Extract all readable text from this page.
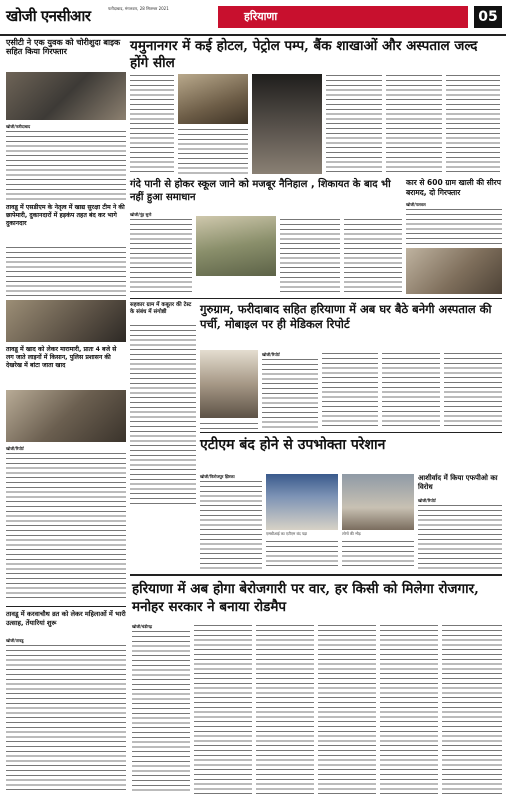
खोजी एनसीआर	फरीदाबाद, मंगलवार, 28 सितम्बर 2021
हरियाणा	05
एसीटी ने एक युवक को चोरीशुदा बाइक सहित किया गिरफ्तार
खोजी/फरीदाबाद
यमुनानगर में कई होटल, पेट्रोल पम्प, बैंक शाखाओं और अस्पताल जल्द होंगे सील
गंदे पानी से होकर स्कूल जाने को मजबूर नैनिहाल , शिकायत के बाद भी नहीं हुआ समाधान
खोजी/नूंह सुनो
तावडू में एसडीएम के नेतृत्व में खाद्य सुरक्षा टीम ने की छापेमारी, दुकानदारों में हड़कंप तहत बंद कर भागे दुकानदार
कार से 600 ग्राम खाली की सीरप बरामद, दो गिरफ्तार
खोजी/पलवल
सहकार ग्राम में कबूतर की टेस्ट के संबंध में संगोष्ठी	गुरुग्राम, फरीदाबाद सहित हरियाणा में अब घर बैठे बनेगी अस्पताल की पर्ची, मोबाइल पर ही मेडिकल रिपोर्ट
खोजी/रिपोर्ट
तावडू में खाद को लेकर मारामारी, प्रातः 4 बजे से लग जाते लाइनों में किसान, पुलिस प्रशासन की देखरेख में बांटा जाता खाद
खोजी/रिपोर्ट	एटीएम बंद होने से उपभोक्ता परेशान
खोजी/फिरोजपुर झिरका
एसबीआई का एटीएम बंद पड़ा	लोगों की भीड़
आशीर्वाद में किया एफपीओ का विरोध
खोजी/रिपोर्ट
हरियाणा में अब होगा बेरोजगारी पर वार, हर किसी को मिलेगा रोजगार, मनोहर सरकार ने बनाया रोडमैप
खोजी/चंडीगढ़
तावडू में करवाचौथ व्रत को लेकर महिलाओं में भारी उत्साह, तेंयारियां शुरू
खोजी/तावडू
